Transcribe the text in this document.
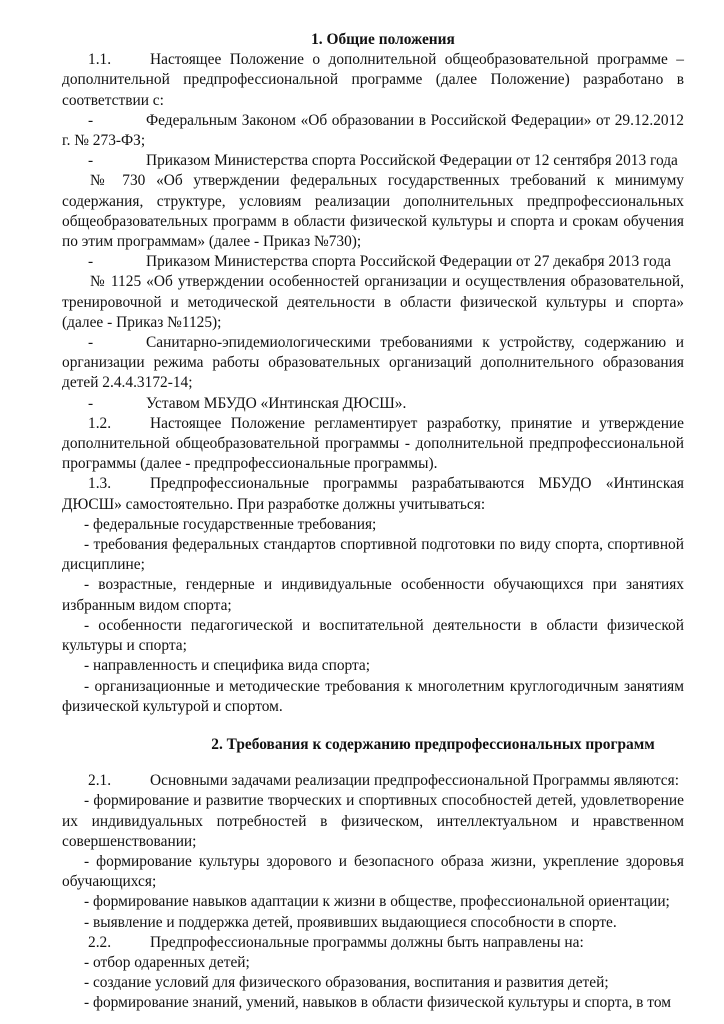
1. Общие положения

1.1.	Настоящее Положение о дополнительной общеобразовательной программе – дополнительной предпрофессиональной программе (далее Положение) разработано в соответствии с:

-	Федеральным Законом «Об образовании в Российской Федерации» от 29.12.2012 г. № 273-ФЗ;

-	Приказом Министерства спорта Российской Федерации от 12 сентября 2013 года

№ 730 «Об утверждении федеральных государственных требований к минимуму содержания, структуре, условиям реализации дополнительных предпрофессиональных общеобразовательных программ в области физической культуры и спорта и срокам обучения по этим программам» (далее - Приказ №730);

-	Приказом Министерства спорта Российской Федерации от 27 декабря 2013 года

№ 1125 «Об утверждении особенностей организации и осуществления образовательной, тренировочной и методической деятельности в области физической культуры и спорта» (далее - Приказ №1125);

-	Санитарно-эпидемиологическими требованиями к устройству, содержанию и организации режима работы образовательных организаций дополнительного образования детей 2.4.4.3172-14;

-	Уставом МБУДО «Интинская ДЮСШ».

1.2.	Настоящее Положение регламентирует разработку, принятие и утверждение дополнительной общеобразовательной программы - дополнительной предпрофессиональной программы (далее - предпрофессиональные программы).

1.3.	Предпрофессиональные программы разрабатываются МБУДО «Интинская ДЮСШ» самостоятельно. При разработке должны учитываться:

- федеральные государственные требования;

- требования федеральных стандартов спортивной подготовки по виду спорта, спортивной дисциплине;

- возрастные, гендерные и индивидуальные особенности обучающихся при занятиях избранным видом спорта;

- особенности педагогической и воспитательной деятельности в области физической культуры и спорта;

- направленность и специфика вида спорта;

- организационные и методические требования к многолетним круглогодичным занятиям физической культурой и спортом.

2. Требования к содержанию предпрофессиональных программ

2.1.	Основными задачами реализации предпрофессиональной Программы являются:

- формирование и развитие творческих и спортивных способностей детей, удовлетворение их индивидуальных потребностей в физическом, интеллектуальном и нравственном совершенствовании;

- формирование культуры здорового и безопасного образа жизни, укрепление здоровья обучающихся;

- формирование навыков адаптации к жизни в обществе, профессиональной ориентации;

- выявление и поддержка детей, проявивших выдающиеся способности в спорте.

2.2.	Предпрофессиональные программы должны быть направлены на:

- отбор одаренных детей;

- создание условий для физического образования, воспитания и развития детей;

- формирование знаний, умений, навыков в области физической культуры и спорта, в том
